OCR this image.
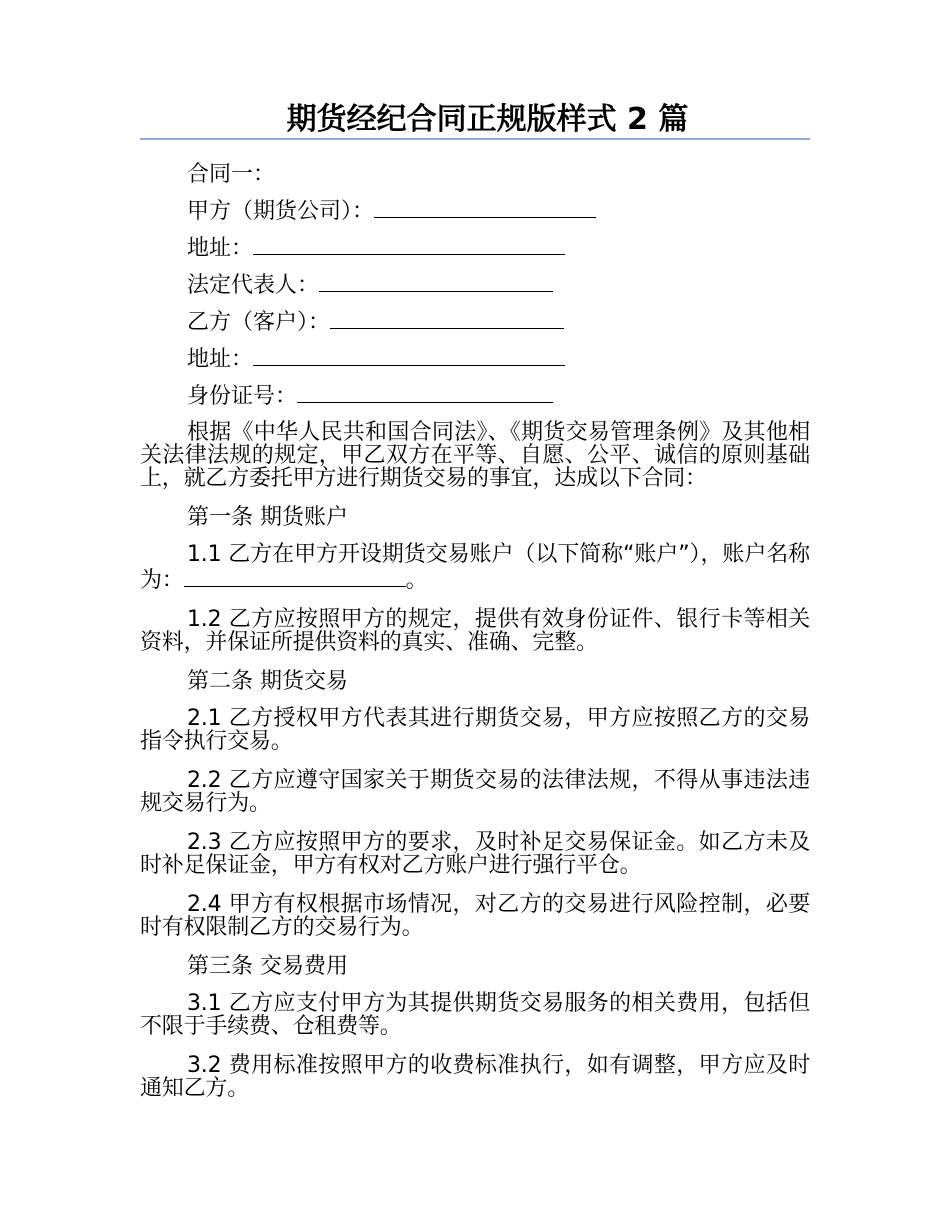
期货经纪合同正规版样式 2 篇

合同一：

甲方（期货公司）：

地址：

法定代表人：

乙方（客户）：

地址：

身份证号：

根据《中华人民共和国合同法》、《期货交易管理条例》及其他相关法律法规的规定，甲乙双方在平等、自愿、公平、诚信的原则基础上，就乙方委托甲方进行期货交易的事宜，达成以下合同：

第一条 期货账户

1.1 乙方在甲方开设期货交易账户（以下简称“账户”），账户名称为：	。

1.2 乙方应按照甲方的规定，提供有效身份证件、银行卡等相关资料，并保证所提供资料的真实、准确、完整。

第二条 期货交易

2.1 乙方授权甲方代表其进行期货交易，甲方应按照乙方的交易指令执行交易。

2.2 乙方应遵守国家关于期货交易的法律法规，不得从事违法违规交易行为。

2.3 乙方应按照甲方的要求，及时补足交易保证金。如乙方未及时补足保证金，甲方有权对乙方账户进行强行平仓。

2.4 甲方有权根据市场情况，对乙方的交易进行风险控制，必要时有权限制乙方的交易行为。

第三条 交易费用

3.1 乙方应支付甲方为其提供期货交易服务的相关费用，包括但不限于手续费、仓租费等。

3.2 费用标准按照甲方的收费标准执行，如有调整，甲方应及时通知乙方。
